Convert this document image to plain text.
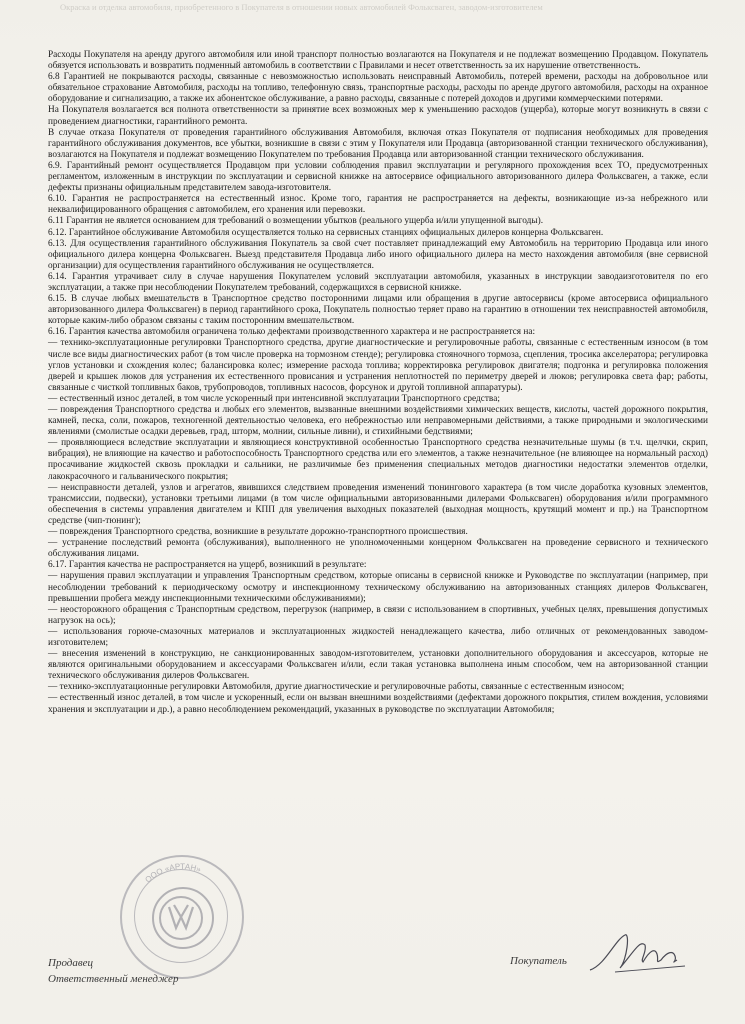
Окраска и отделка автомобиля, приобретенного в Покупателя в отношении новых автомобилей Фольксваген, заводом-изготовителем

Расходы Покупателя на аренду другого автомобиля или иной транспорт полностью возлагаются на Покупателя и не подлежат возмещению Продавцом. Покупатель обязуется использовать и возвратить подменный автомобиль в соответствии с Правилами и несет ответственность за их нарушение ответственность.

6.8 Гарантией не покрываются расходы, связанные с невозможностью использовать неисправный Автомобиль, потерей времени, расходы на добровольное или обязательное страхование Автомобиля, расходы на топливо, телефонную связь, транспортные расходы, расходы по аренде другого автомобиля, расходы на охранное оборудование и сигнализацию, а также их абонентское обслуживание, а равно расходы, связанные с потерей доходов и другими коммерческими потерями.

На Покупателя возлагается вся полнота ответственности за принятие всех возможных мер к уменьшению расходов (ущерба), которые могут возникнуть в связи с проведением диагностики, гарантийного ремонта.

В случае отказа Покупателя от проведения гарантийного обслуживания Автомобиля, включая отказ Покупателя от подписания необходимых для проведения гарантийного обслуживания документов, все убытки, возникшие в связи с этим у Покупателя или Продавца (авторизованной станции технического обслуживания), возлагаются на Покупателя и подлежат возмещению Покупателем по требования Продавца или авторизованной станции технического обслуживания.

6.9. Гарантийный ремонт осуществляется Продавцом при условии соблюдения правил эксплуатации и регулярного прохождения всех ТО, предусмотренных регламентом, изложенным в инструкции по эксплуатации и сервисной книжке на автосервисе официального авторизованного дилера Фольксваген, а также, если дефекты признаны официальным представителем завода-изготовителя.

6.10. Гарантия не распространяется на естественный износ. Кроме того, гарантия не распространяется на дефекты, возникающие из-за небрежного или неквалифицированного обращения с автомобилем, его хранения или перевозки.

6.11 Гарантия не является основанием для требований о возмещении убытков (реального ущерба и/или упущенной выгоды).

6.12. Гарантийное обслуживание Автомобиля осуществляется только на сервисных станциях официальных дилеров концерна Фольксваген.

6.13. Для осуществления гарантийного обслуживания Покупатель за свой счет поставляет принадлежащий ему Автомобиль на территорию Продавца или иного официального дилера концерна Фольксваген. Выезд представителя Продавца либо иного официального дилера на место нахождения автомобиля (вне сервисной организации) для осуществления гарантийного обслуживания не осуществляется.

6.14. Гарантия утрачивает силу в случае нарушения Покупателем условий эксплуатации автомобиля, указанных в инструкции заводаизготовителя по его эксплуатации, а также при несоблюдении Покупателем требований, содержащихся в сервисной книжке.

6.15. В случае любых вмешательств в Транспортное средство посторонними лицами или обращения в другие автосервисы (кроме автосервиса официального авторизованного дилера Фольксваген) в период гарантийного срока, Покупатель полностью теряет право на гарантию в отношении тех неисправностей автомобиля, которые каким-либо образом связаны с таким посторонним вмешательством.

6.16. Гарантия качества автомобиля ограничена только дефектами производственного характера и не распространяется на:

— технико-эксплуатационные регулировки Транспортного средства, другие диагностические и регулировочные работы, связанные с естественным износом (в том числе все виды диагностических работ (в том числе проверка на тормозном стенде); регулировка стояночного тормоза, сцепления, тросика акселератора; регулировка углов установки и схождения колес; балансировка колес; измерение расхода топлива; корректировка регулировок двигателя; подгонка и регулировка положения дверей и крышек люков для устранения их естественного провисания и устранения неплотностей по периметру дверей и люков; регулировка света фар; работы, связанные с чисткой топливных баков, трубопроводов, топливных насосов, форсунок и другой топливной аппаратуры).

— естественный износ деталей, в том числе ускоренный при интенсивной эксплуатации Транспортного средства;

— повреждения Транспортного средства и любых его элементов, вызванные внешними воздействиями химических веществ, кислоты, частей дорожного покрытия, камней, песка, соли, пожаров, техногенной деятельностью человека, его небрежностью или неправомерными действиями, а также природными и экологическими явлениями (смолистые осадки деревьев, град, шторм, молнии, сильные ливни), и стихийными бедствиями;

— проявляющиеся вследствие эксплуатации и являющиеся конструктивной особенностью Транспортного средства незначительные шумы (в т.ч. щелчки, скрип, вибрация), не влияющие на качество и работоспособность Транспортного средства или его элементов, а также незначительное (не влияющее на нормальный расход) просачивание жидкостей сквозь прокладки и сальники, не различимые без применения специальных методов диагностики недостатки элементов отделки, лакокрасочного и гальванического покрытия;

— неисправности деталей, узлов и агрегатов, явившихся следствием проведения изменений тюнингового характера (в том числе доработка кузовных элементов, трансмиссии, подвески), установки третьими лицами (в том числе официальными авторизованными дилерами Фольксваген) оборудования и/или программного обеспечения в системы управления двигателем и КПП для увеличения выходных показателей (выходная мощность, крутящий момент и пр.) на Транспортном средстве (чип-тюнинг);

— повреждения Транспортного средства, возникшие в результате дорожно-транспортного происшествия.

— устранение последствий ремонта (обслуживания), выполненного не уполномоченными концерном Фольксваген на проведение сервисного и технического обслуживания лицами.

6.17. Гарантия качества не распространяется на ущерб, возникший в результате:

— нарушения правил эксплуатации и управления Транспортным средством, которые описаны в сервисной книжке и Руководстве по эксплуатации (например, при несоблюдении требований к периодическому осмотру и инспекционному техническому обслуживанию на авторизованных станциях дилеров Фольксваген, превышении пробега между инспекционными техническими обслуживаниями);

— неосторожного обращения с Транспортным средством, перегрузок (например, в связи с использованием в спортивных, учебных целях, превышения допустимых нагрузок на ось);

— использования горюче-смазочных материалов и эксплуатационных жидкостей ненадлежащего качества, либо отличных от рекомендованных заводом-изготовителем;

— внесения изменений в конструкцию, не санкционированных заводом-изготовителем, установки дополнительного оборудования и аксессуаров, которые не являются оригинальными оборудованием и аксессуарами Фольксваген и/или, если такая установка выполнена иным способом, чем на авторизованной станции технического обслуживания дилеров Фольксваген.

— технико-эксплуатационные регулировки Автомобиля, другие диагностические и регулировочные работы, связанные с естественным износом;

— естественный износ деталей, в том числе и ускоренный, если он вызван внешними воздействиями (дефектами дорожного покрытия, стилем вождения, условиями хранения и эксплуатации и др.), а равно несоблюдением рекомендаций, указанных в руководстве по эксплуатации Автомобиля;

ООО «АРТАН»
Продавец
Ответственный менеджер
Покупатель
